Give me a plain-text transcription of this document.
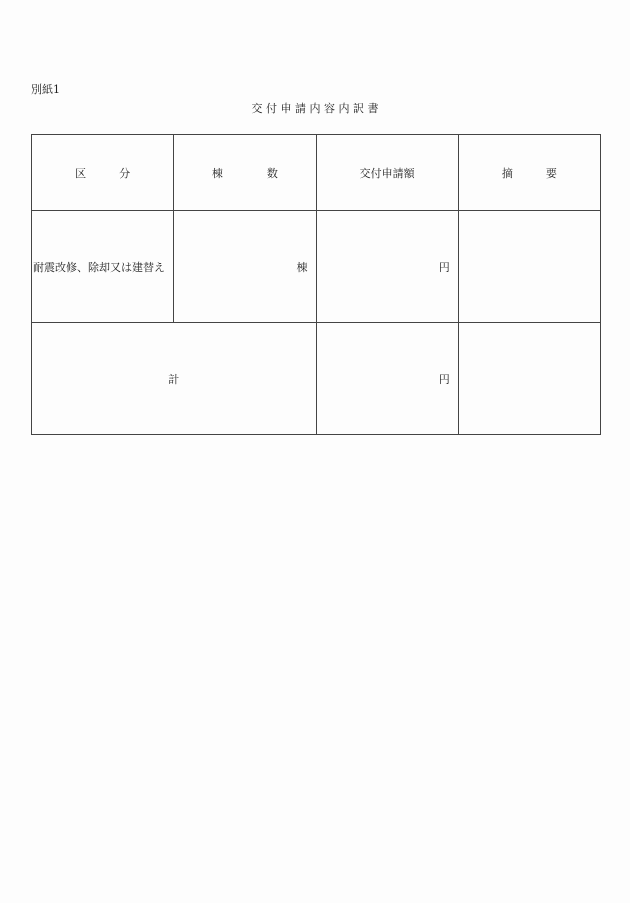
別紙1
交 付 申 請 内 容 内 訳 書
区　　　分	棟　　　　数	交付申請額	摘　　　要
耐震改修、除却又は建替え	棟	円	
計		円	
